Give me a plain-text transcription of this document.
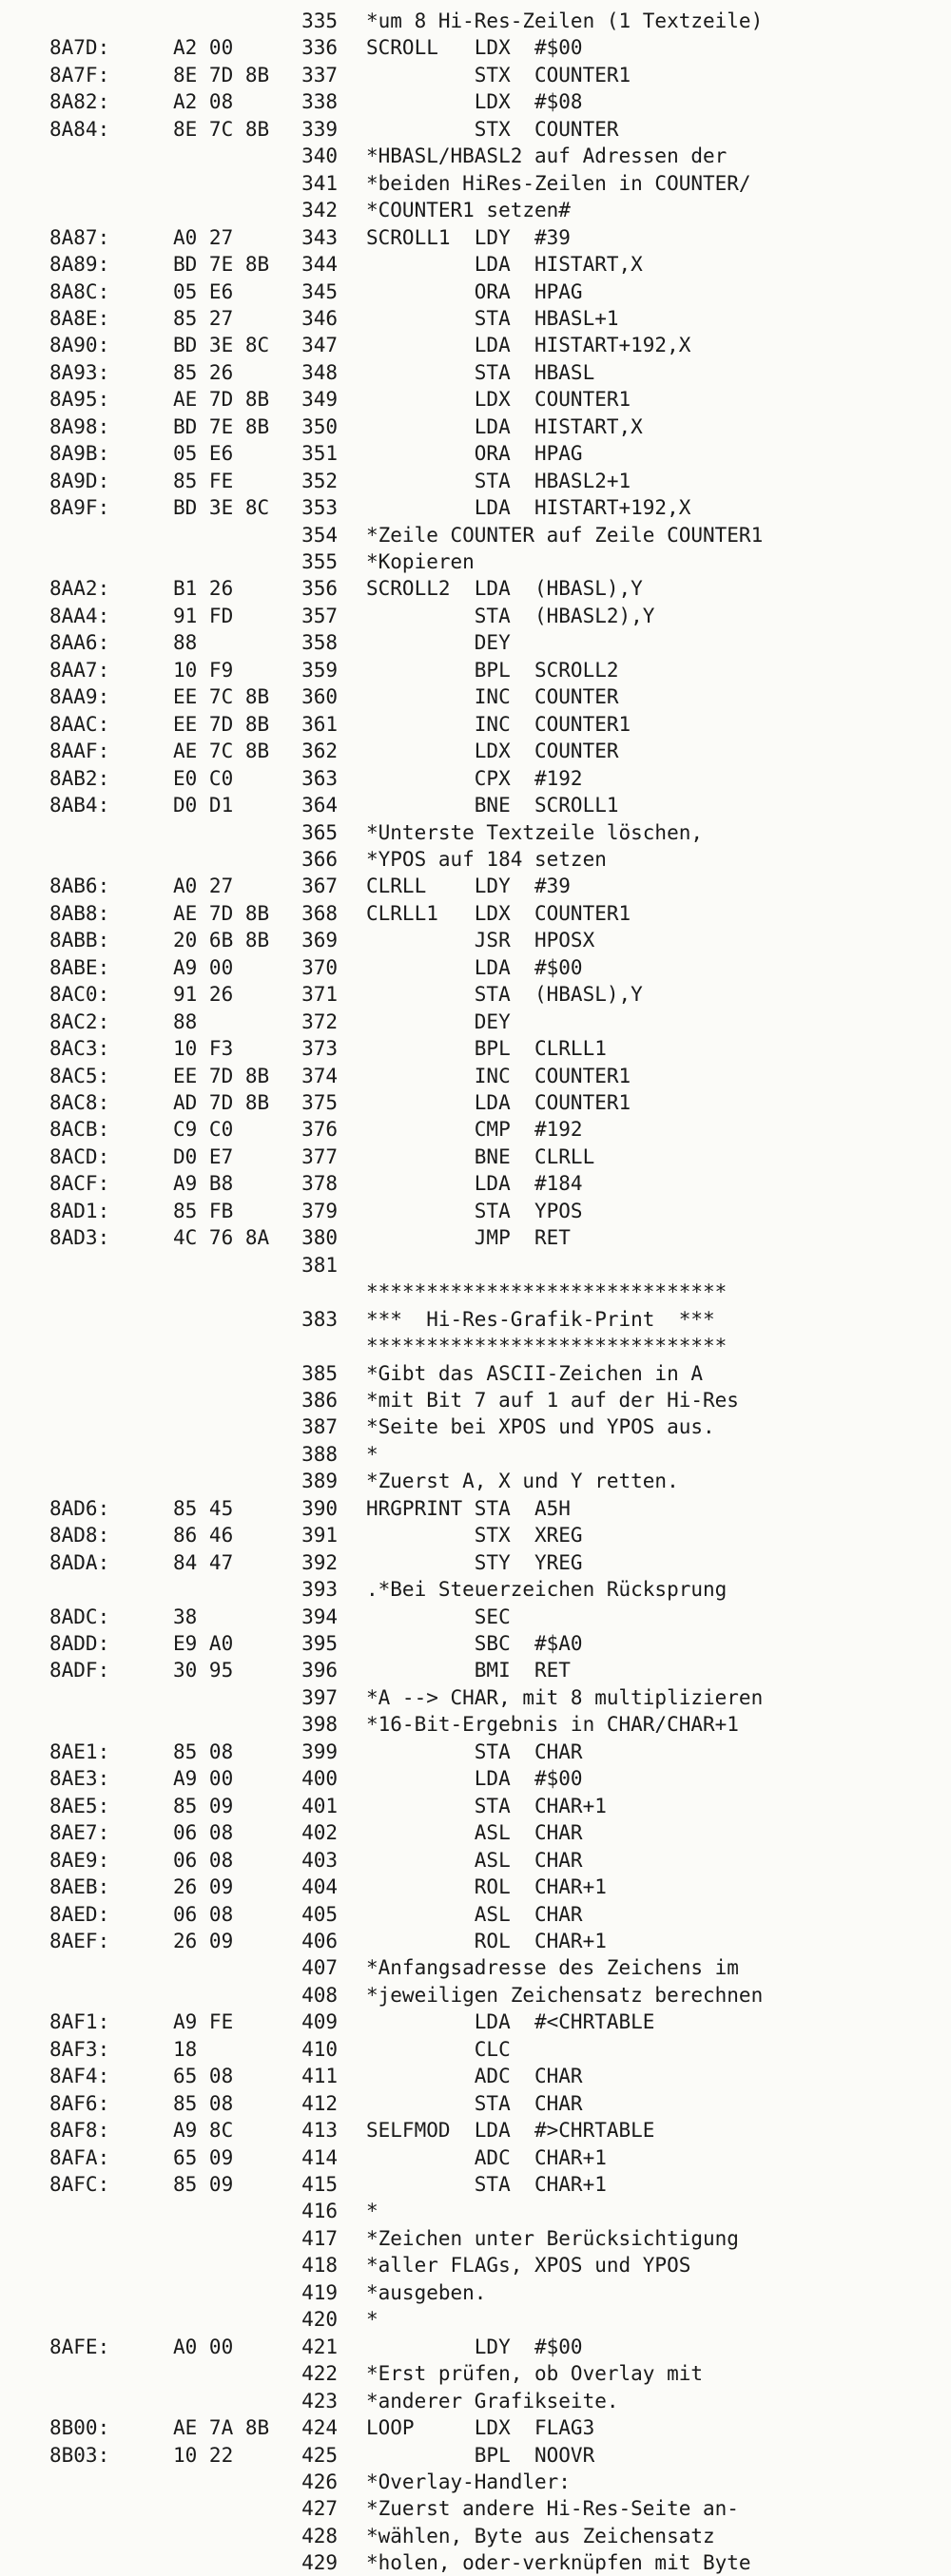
335 *um 8 Hi-Res-Zeilen (1 Textzeile)
8A7D:	A2 00	336 SCROLL   LDX  #$00
8A7F:	8E 7D 8B	337 STX  COUNTER1
8A82:	A2 08	338 LDX  #$08
8A84:	8E 7C 8B	339 STX  COUNTER
340 *HBASL/HBASL2 auf Adressen der
341 *beiden HiRes-Zeilen in COUNTER/
342 *COUNTER1 setzen#
8A87:	A0 27	343 SCROLL1  LDY  #39
8A89:	BD 7E 8B	344 LDA  HISTART,X
8A8C:	05 E6	345 ORA  HPAG
8A8E:	85 27	346 STA  HBASL+1
8A90:	BD 3E 8C	347 LDA  HISTART+192,X
8A93:	85 26	348 STA  HBASL
8A95:	AE 7D 8B	349 LDX  COUNTER1
8A98:	BD 7E 8B	350 LDA  HISTART,X
8A9B:	05 E6	351 ORA  HPAG
8A9D:	85 FE	352 STA  HBASL2+1
8A9F:	BD 3E 8C	353 LDA  HISTART+192,X
354 *Zeile COUNTER auf Zeile COUNTER1
355 *Kopieren
8AA2:	B1 26	356 SCROLL2  LDA  (HBASL),Y
8AA4:	91 FD	357 STA  (HBASL2),Y
8AA6:	88	358 DEY
8AA7:	10 F9	359 BPL  SCROLL2
8AA9:	EE 7C 8B	360 INC  COUNTER
8AAC:	EE 7D 8B	361 INC  COUNTER1
8AAF:	AE 7C 8B	362 LDX  COUNTER
8AB2:	E0 C0	363 CPX  #192
8AB4:	D0 D1	364 BNE  SCROLL1
365 *Unterste Textzeile löschen,
366 *YPOS auf 184 setzen
8AB6:	A0 27	367 CLRLL    LDY  #39
8AB8:	AE 7D 8B	368 CLRLL1   LDX  COUNTER1
8ABB:	20 6B 8B	369 JSR  HPOSX
8ABE:	A9 00	370 LDA  #$00
8AC0:	91 26	371 STA  (HBASL),Y
8AC2:	88	372 DEY
8AC3:	10 F3	373 BPL  CLRLL1
8AC5:	EE 7D 8B	374 INC  COUNTER1
8AC8:	AD 7D 8B	375 LDA  COUNTER1
8ACB:	C9 C0	376 CMP  #192
8ACD:	D0 E7	377 BNE  CLRLL
8ACF:	A9 B8	378 LDA  #184
8AD1:	85 FB	379 STA  YPOS
8AD3:	4C 76 8A	380 JMP  RET
381
******************************
383 ***  Hi-Res-Grafik-Print  ***
******************************
385 *Gibt das ASCII-Zeichen in A
386 *mit Bit 7 auf 1 auf der Hi-Res
387 *Seite bei XPOS und YPOS aus.
388 *
389 *Zuerst A, X und Y retten.
8AD6:	85 45	390 HRGPRINT STA  A5H
8AD8:	86 46	391 STX  XREG
8ADA:	84 47	392 STY  YREG
393 .*Bei Steuerzeichen Rücksprung
8ADC:	38	394 SEC
8ADD:	E9 A0	395 SBC  #$A0
8ADF:	30 95	396 BMI  RET
397 *A --> CHAR, mit 8 multiplizieren
398 *16-Bit-Ergebnis in CHAR/CHAR+1
8AE1:	85 08	399 STA  CHAR
8AE3:	A9 00	400 LDA  #$00
8AE5:	85 09	401 STA  CHAR+1
8AE7:	06 08	402 ASL  CHAR
8AE9:	06 08	403 ASL  CHAR
8AEB:	26 09	404 ROL  CHAR+1
8AED:	06 08	405 ASL  CHAR
8AEF:	26 09	406 ROL  CHAR+1
407 *Anfangsadresse des Zeichens im
408 *jeweiligen Zeichensatz berechnen
8AF1:	A9 FE	409 LDA  #<CHRTABLE
8AF3:	18	410 CLC
8AF4:	65 08	411 ADC  CHAR
8AF6:	85 08	412 STA  CHAR
8AF8:	A9 8C	413 SELFMOD  LDA  #>CHRTABLE
8AFA:	65 09	414 ADC  CHAR+1
8AFC:	85 09	415 STA  CHAR+1
416 *
417 *Zeichen unter Berücksichtigung
418 *aller FLAGs, XPOS und YPOS
419 *ausgeben.
420 *
8AFE:	A0 00	421 LDY  #$00
422 *Erst prüfen, ob Overlay mit
423 *anderer Grafikseite.
8B00:	AE 7A 8B	424 LOOP     LDX  FLAG3
8B03:	10 22	425 BPL  NOOVR
426 *Overlay-Handler:
427 *Zuerst andere Hi-Res-Seite an-
428 *wählen, Byte aus Zeichensatz
429 *holen, oder-verknüpfen mit Byte
